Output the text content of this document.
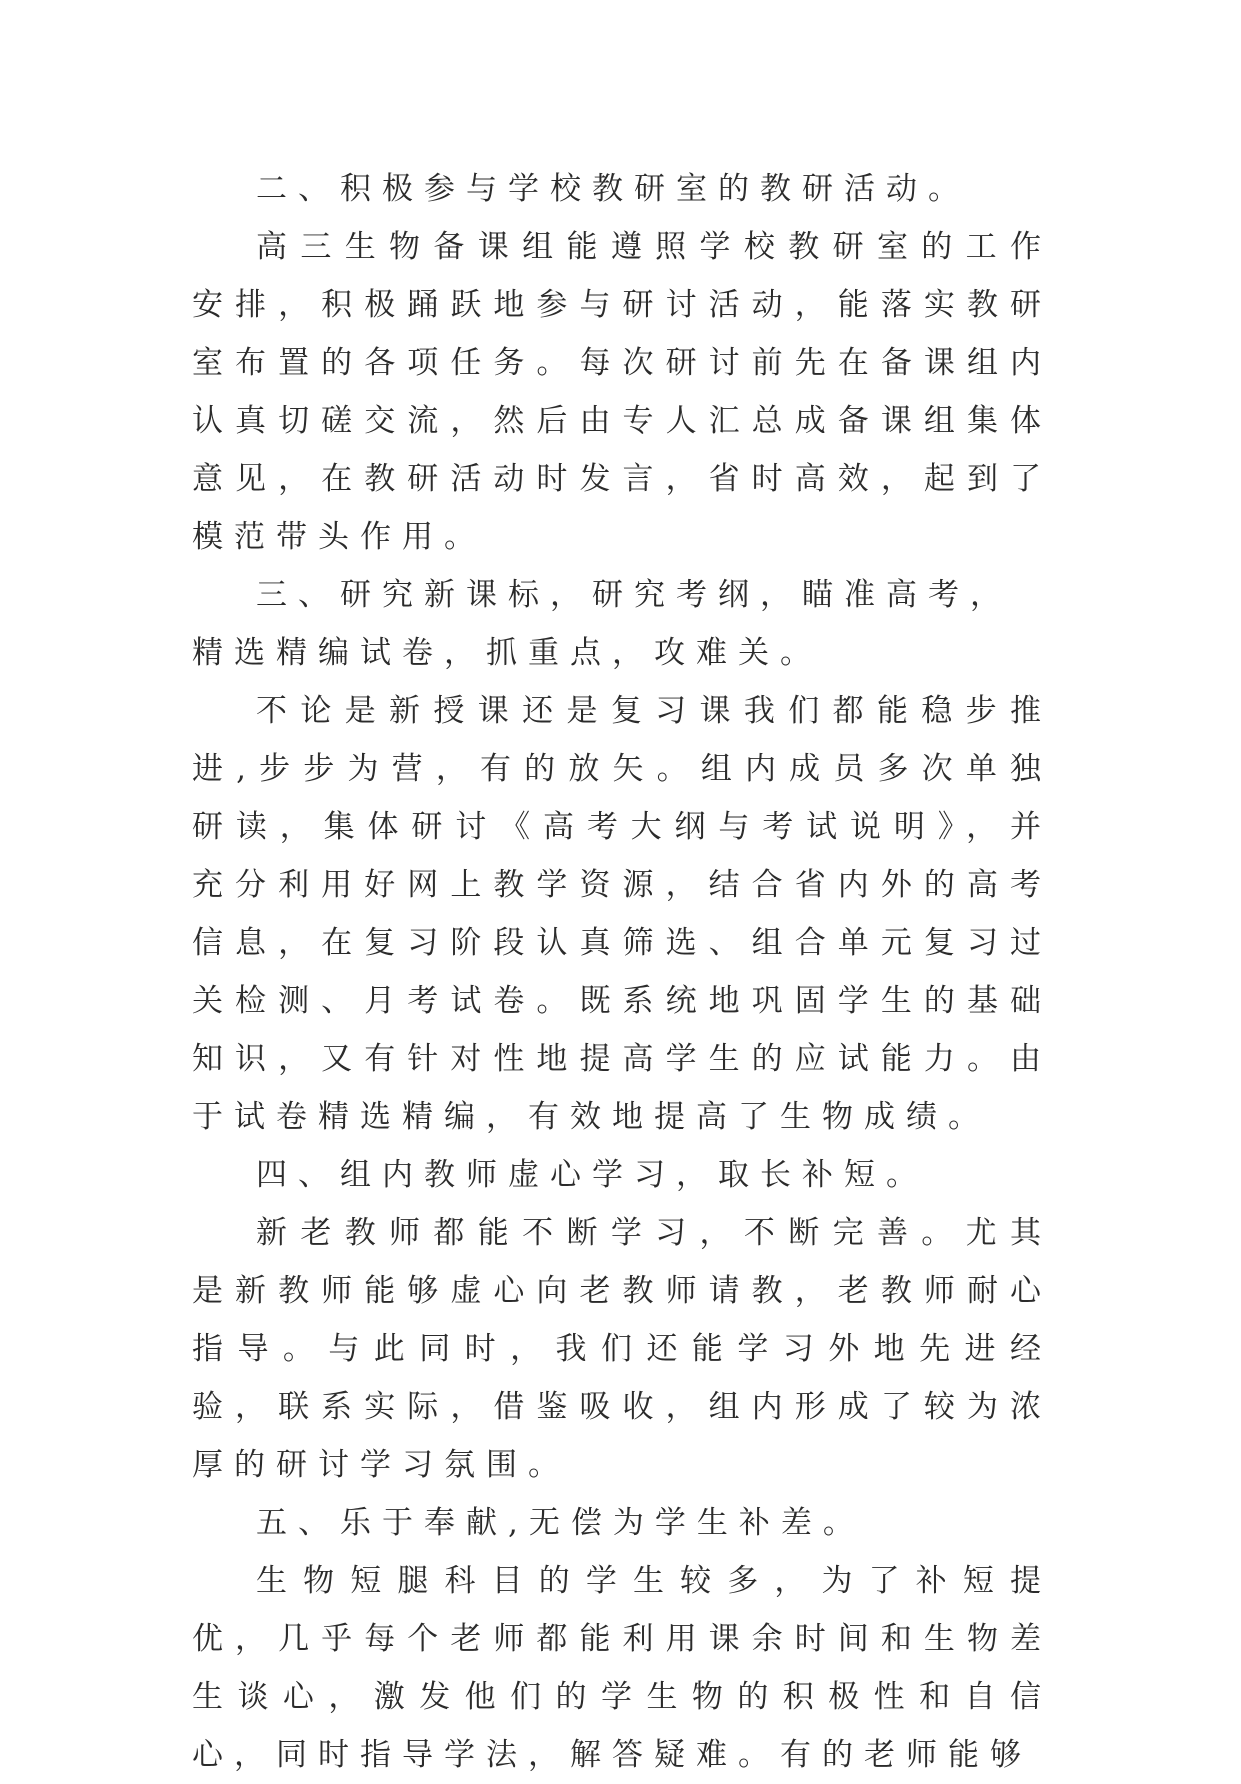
二、积极参与学校教研室的教研活动。

高三生物备课组能遵照学校教研室的工作安排，积极踊跃地参与研讨活动，能落实教研室布置的各项任务。每次研讨前先在备课组内认真切磋交流，然后由专人汇总成备课组集体意见，在教研活动时发言，省时高效，起到了模范带头作用。

三、研究新课标，研究考纲，瞄准高考，精选精编试卷，抓重点，攻难关。

不论是新授课还是复习课我们都能稳步推进,步步为营，有的放矢。组内成员多次单独研读，集体研讨《高考大纲与考试说明》，并充分利用好网上教学资源，结合省内外的高考信息，在复习阶段认真筛选、组合单元复习过关检测、月考试卷。既系统地巩固学生的基础知识，又有针对性地提高学生的应试能力。由于试卷精选精编，有效地提高了生物成绩。

四、组内教师虚心学习，取长补短。

新老教师都能不断学习，不断完善。尤其是新教师能够虚心向老教师请教，老教师耐心指导。与此同时，我们还能学习外地先进经验，联系实际，借鉴吸收，组内形成了较为浓厚的研讨学习氛围。

五、乐于奉献,无偿为学生补差。

生物短腿科目的学生较多，为了补短提优，几乎每个老师都能利用课余时间和生物差生谈心，激发他们的学生物的积极性和自信心，同时指导学法，解答疑难。有的老师能够
